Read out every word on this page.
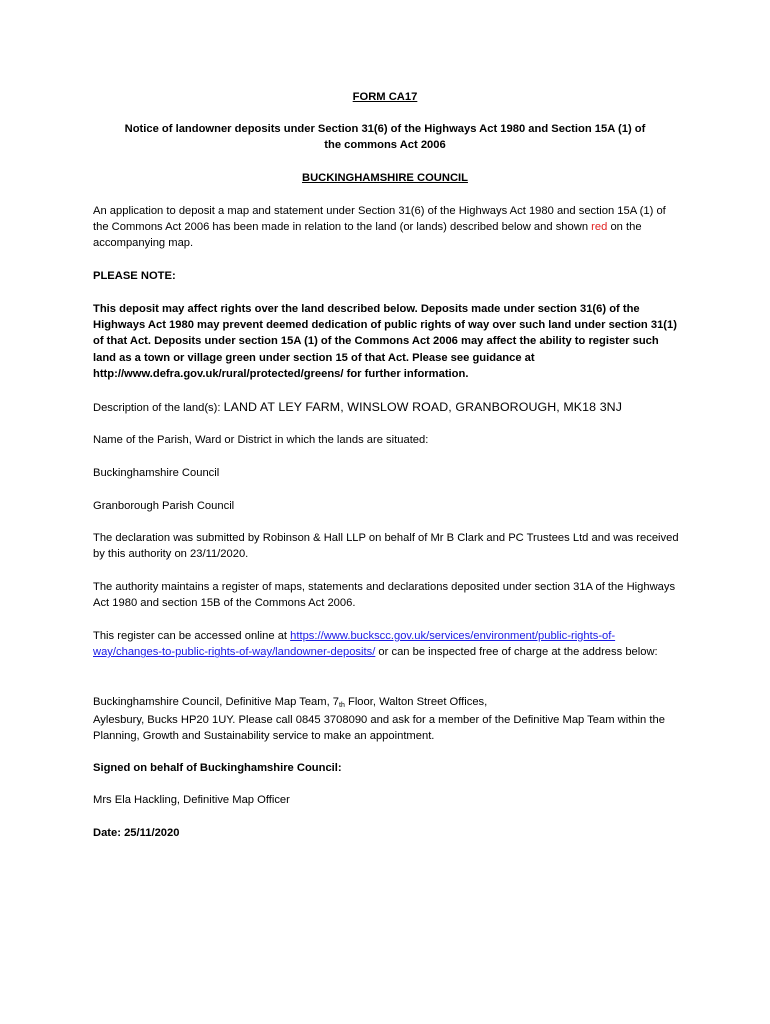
FORM CA17

Notice of landowner deposits under Section 31(6) of the Highways Act 1980 and Section 15A (1) of
the commons Act 2006

BUCKINGHAMSHIRE COUNCIL

An application to deposit a map and statement under Section 31(6) of the Highways Act 1980 and section 15A (1) of the Commons Act 2006 has been made in relation to the land (or lands) described below and shown red on the accompanying map.

PLEASE NOTE:

This deposit may affect rights over the land described below. Deposits made under section 31(6) of the Highways Act 1980 may prevent deemed dedication of public rights of way over such land under section 31(1) of that Act. Deposits under section 15A (1) of the Commons Act 2006 may affect the ability to register such land as a town or village green under section 15 of that Act. Please see guidance at http://www.defra.gov.uk/rural/protected/greens/ for further information.

Description of the land(s): LAND AT LEY FARM, WINSLOW ROAD, GRANBOROUGH, MK18 3NJ

Name of the Parish, Ward or District in which the lands are situated:

Buckinghamshire Council

Granborough Parish Council

The declaration was submitted by Robinson & Hall LLP on behalf of Mr B Clark and PC Trustees Ltd and was received by this authority on 23/11/2020.

The authority maintains a register of maps, statements and declarations deposited under section 31A of the Highways Act 1980 and section 15B of the Commons Act 2006.

This register can be accessed online at https://www.buckscc.gov.uk/services/environment/public-rights-of-way/changes-to-public-rights-of-way/landowner-deposits/ or can be inspected free of charge at the address below:

Buckinghamshire Council, Definitive Map Team, $7_{th}$ Floor, Walton Street Offices,
Aylesbury, Bucks HP20 1UY. Please call 0845 3708090 and ask for a member of the Definitive Map Team within the Planning, Growth and Sustainability service to make an appointment.

Signed on behalf of Buckinghamshire Council:

Mrs Ela Hackling, Definitive Map Officer

Date: 25/11/2020
